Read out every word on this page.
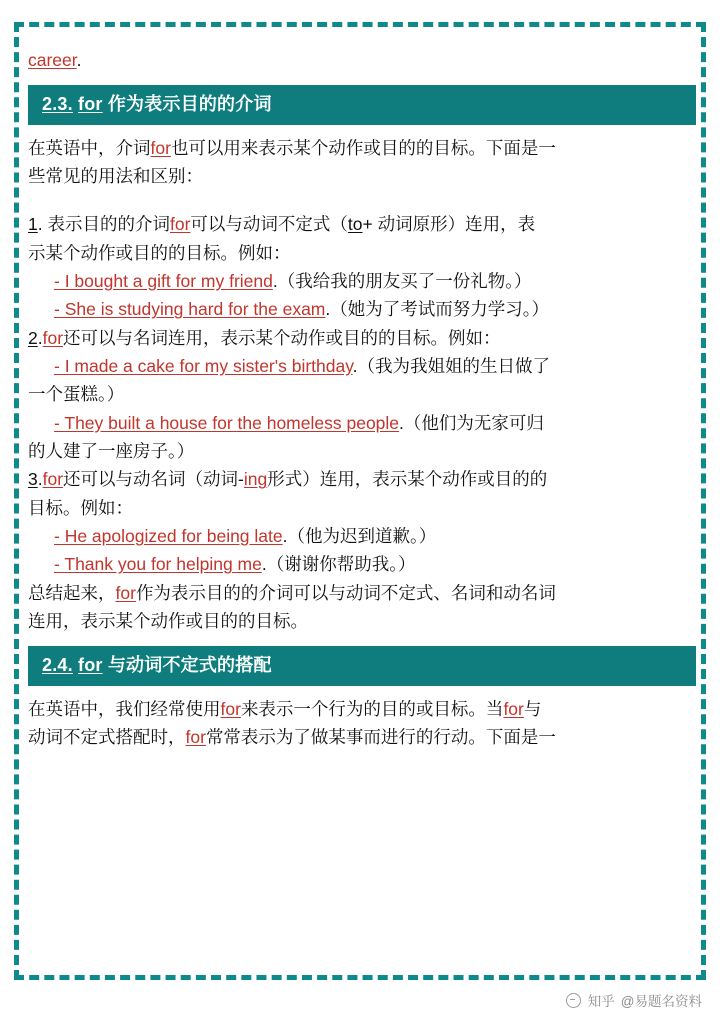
career.

2.3. for 作为表示目的的介词

在英语中，介词for也可以用来表示某个动作或目的的目标。下面是一

些常见的用法和区别：

1. 表示目的的介词for可以与动词不定式（to+ 动词原形）连用，表

示某个动作或目的的目标。例如：

- I bought a gift for my friend.（我给我的朋友买了一份礼物。）

- She is studying hard for the exam.（她为了考试而努力学习。）

2.for还可以与名词连用，表示某个动作或目的的目标。例如：

- I made a cake for my sister's birthday.（我为我姐姐的生日做了

一个蛋糕。）

- They built a house for the homeless people.（他们为无家可归

的人建了一座房子。）

3.for还可以与动名词（动词-ing形式）连用，表示某个动作或目的的

目标。例如：

- He apologized for being late.（他为迟到道歉。）

- Thank you for helping me.（谢谢你帮助我。）

总结起来，for作为表示目的的介词可以与动词不定式、名词和动名词

连用，表示某个动作或目的的目标。

2.4. for 与动词不定式的搭配

在英语中，我们经常使用for来表示一个行为的目的或目标。当for与

动词不定式搭配时，for常常表示为了做某事而进行的行动。下面是一

知乎 @易题名资料
